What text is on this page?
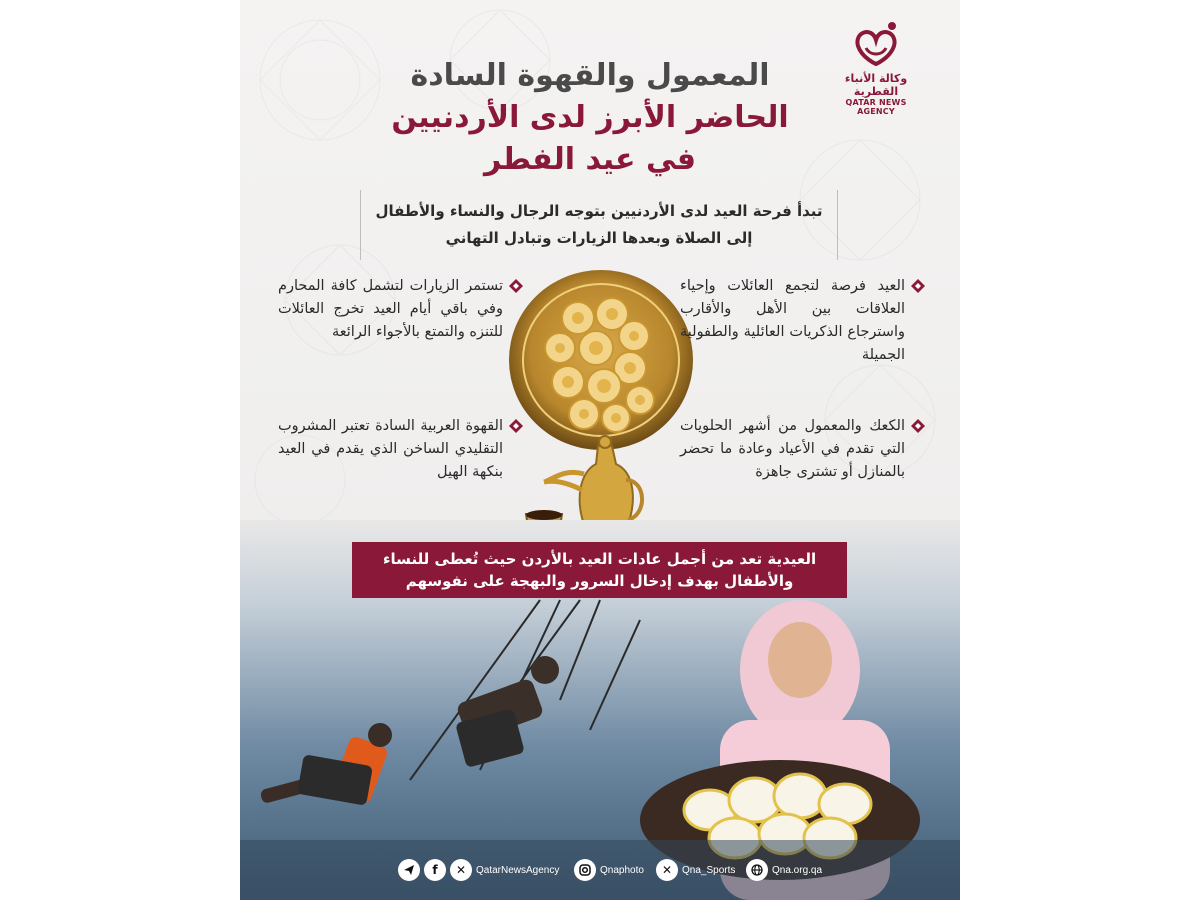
وكالة الأنباء القطرية
QATAR NEWS AGENCY
المعمول والقهوة السادة
الحاضر الأبرز لدى الأردنيين
في عيد الفطر
تبدأ فرحة العيد لدى الأردنيين بتوجه الرجال والنساء والأطفال
إلى الصلاة وبعدها الزيارات وتبادل التهاني
العيد فرصة لتجمع العائلات وإحياء العلاقات بين الأهل والأقارب واسترجاع الذكريات العائلية والطفولية الجميلة
تستمر الزيارات لتشمل كافة المحارم وفي باقي أيام العيد تخرج العائلات للتنزه والتمتع بالأجواء الرائعة
الكعك والمعمول من أشهر الحلويات التي تقدم في الأعياد وعادة ما تحضر بالمنازل أو تشترى جاهزة
القهوة العربية السادة تعتبر المشروب التقليدي الساخن الذي يقدم في العيد بنكهة الهيل
العيدية تعد من أجمل عادات العيد بالأردن حيث تُعطى للنساء
والأطفال بهدف إدخال السرور والبهجة على نفوسهم
f	✕ QatarNewsAgency	Qnaphoto	✕ Qna_Sports	Qna.org.qa
